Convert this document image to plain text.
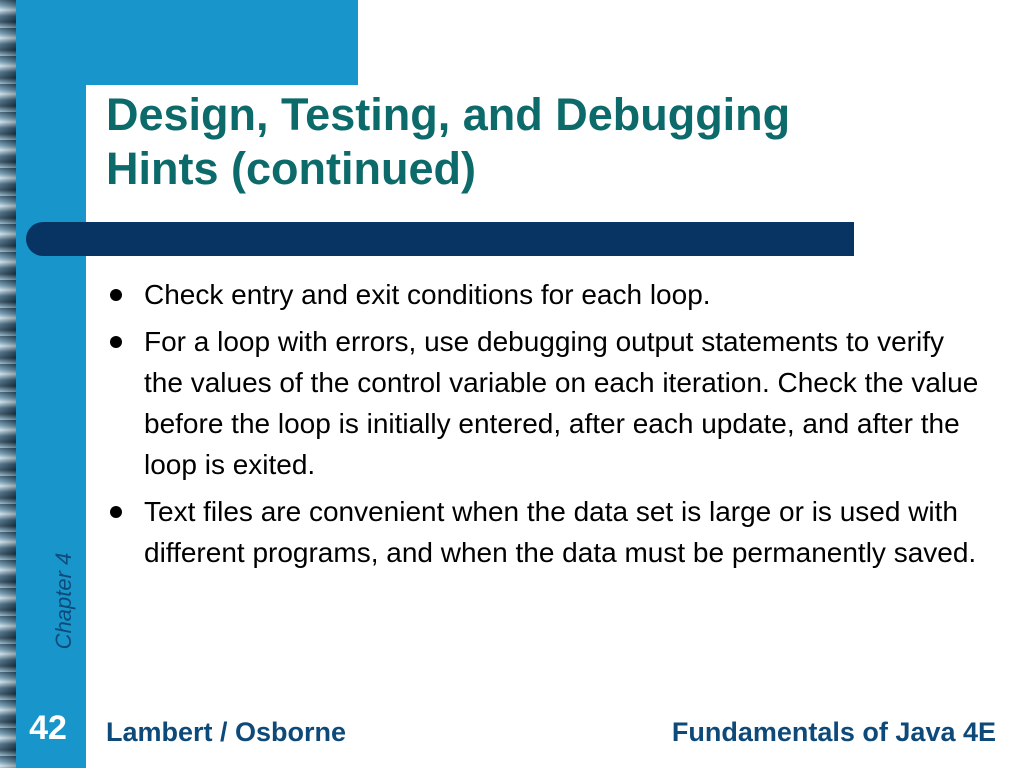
Design, Testing, and Debugging
Hints (continued)
Check entry and exit conditions for each loop.
For a loop with errors, use debugging output statements to verify the values of the control variable on each iteration. Check the value before the loop is initially entered, after each update, and after the loop is exited.
Text files are convenient when the data set is large or is used with different programs, and when the data must be permanently saved.
Chapter 4
42 Lambert / Osborne	Fundamentals of Java 4E
